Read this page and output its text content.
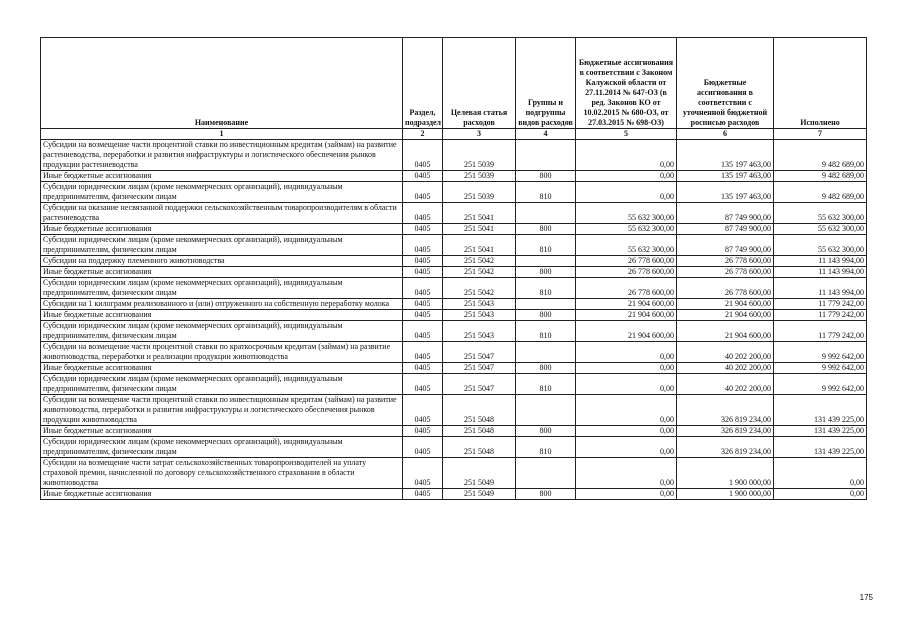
Наименование	Раздел, подраздел	Целевая статья расходов	Группы и подгруппы видов расходов	Бюджетные ассигнования в соответствии с Законом Калужской области от 27.11.2014 № 647-ОЗ (в ред. Законов КО от 10.02.2015 № 680-ОЗ, от 27.03.2015 № 698-ОЗ)	Бюджетные ассигнования в соответствии с уточненной бюджетной росписью расходов	Исполнено
1	2	3	4	5	6	7
Субсидии на возмещение части процентной ставки по инвестиционным кредитам (займам) на развитие растениеводства, переработки и развития инфраструктуры и логистического обеспечения рынков продукции растениеводства	0405	251 5039		0,00	135 197 463,00	9 482 689,00
Иные бюджетные ассигнования	0405	251 5039	800	0,00	135 197 463,00	9 482 689,00
Субсидии юридическим лицам (кроме некоммерческих организаций), индивидуальным предпринимателям, физическим лицам	0405	251 5039	810	0,00	135 197 463,00	9 482 689,00
Субсидии на оказание несвязанной поддержки сельскохозяйственным товаропроизводителям в области растениеводства	0405	251 5041		55 632 300,00	87 749 900,00	55 632 300,00
Иные бюджетные ассигнования	0405	251 5041	800	55 632 300,00	87 749 900,00	55 632 300,00
Субсидии юридическим лицам (кроме некоммерческих организаций), индивидуальным предпринимателям, физическим лицам	0405	251 5041	810	55 632 300,00	87 749 900,00	55 632 300,00
Субсидии на поддержку племенного животноводства	0405	251 5042		26 778 600,00	26 778 600,00	11 143 994,00
Иные бюджетные ассигнования	0405	251 5042	800	26 778 600,00	26 778 600,00	11 143 994,00
Субсидии юридическим лицам (кроме некоммерческих организаций), индивидуальным предпринимателям, физическим лицам	0405	251 5042	810	26 778 600,00	26 778 600,00	11 143 994,00
Субсидии на 1 килограмм реализованного и (или) отгруженного на собственную переработку молока	0405	251 5043		21 904 600,00	21 904 600,00	11 779 242,00
Иные бюджетные ассигнования	0405	251 5043	800	21 904 600,00	21 904 600,00	11 779 242,00
Субсидии юридическим лицам (кроме некоммерческих организаций), индивидуальным предпринимателям, физическим лицам	0405	251 5043	810	21 904 600,00	21 904 600,00	11 779 242,00
Субсидии на возмещение части процентной ставки по краткосрочным кредитам (займам) на развитие животноводства, переработки и реализации продукции животноводства	0405	251 5047		0,00	40 202 200,00	9 992 642,00
Иные бюджетные ассигнования	0405	251 5047	800	0,00	40 202 200,00	9 992 642,00
Субсидии юридическим лицам (кроме некоммерческих организаций), индивидуальным предпринимателям, физическим лицам	0405	251 5047	810	0,00	40 202 200,00	9 992 642,00
Субсидии на возмещение части процентной ставки по инвестиционным кредитам (займам) на развитие животноводства, переработки и развития инфраструктуры и логистического обеспечения рынков продукции животноводства	0405	251 5048		0,00	326 819 234,00	131 439 225,00
Иные бюджетные ассигнования	0405	251 5048	800	0,00	326 819 234,00	131 439 225,00
Субсидии юридическим лицам (кроме некоммерческих организаций), индивидуальным предпринимателям, физическим лицам	0405	251 5048	810	0,00	326 819 234,00	131 439 225,00
Субсидии на возмещение части затрат сельскохозяйственных товаропроизводителей на уплату страховой премии, начисленной по договору сельскохозяйственного страхования в области животноводства	0405	251 5049		0,00	1 900 000,00	0,00
Иные бюджетные ассигнования	0405	251 5049	800	0,00	1 900 000,00	0,00
175
